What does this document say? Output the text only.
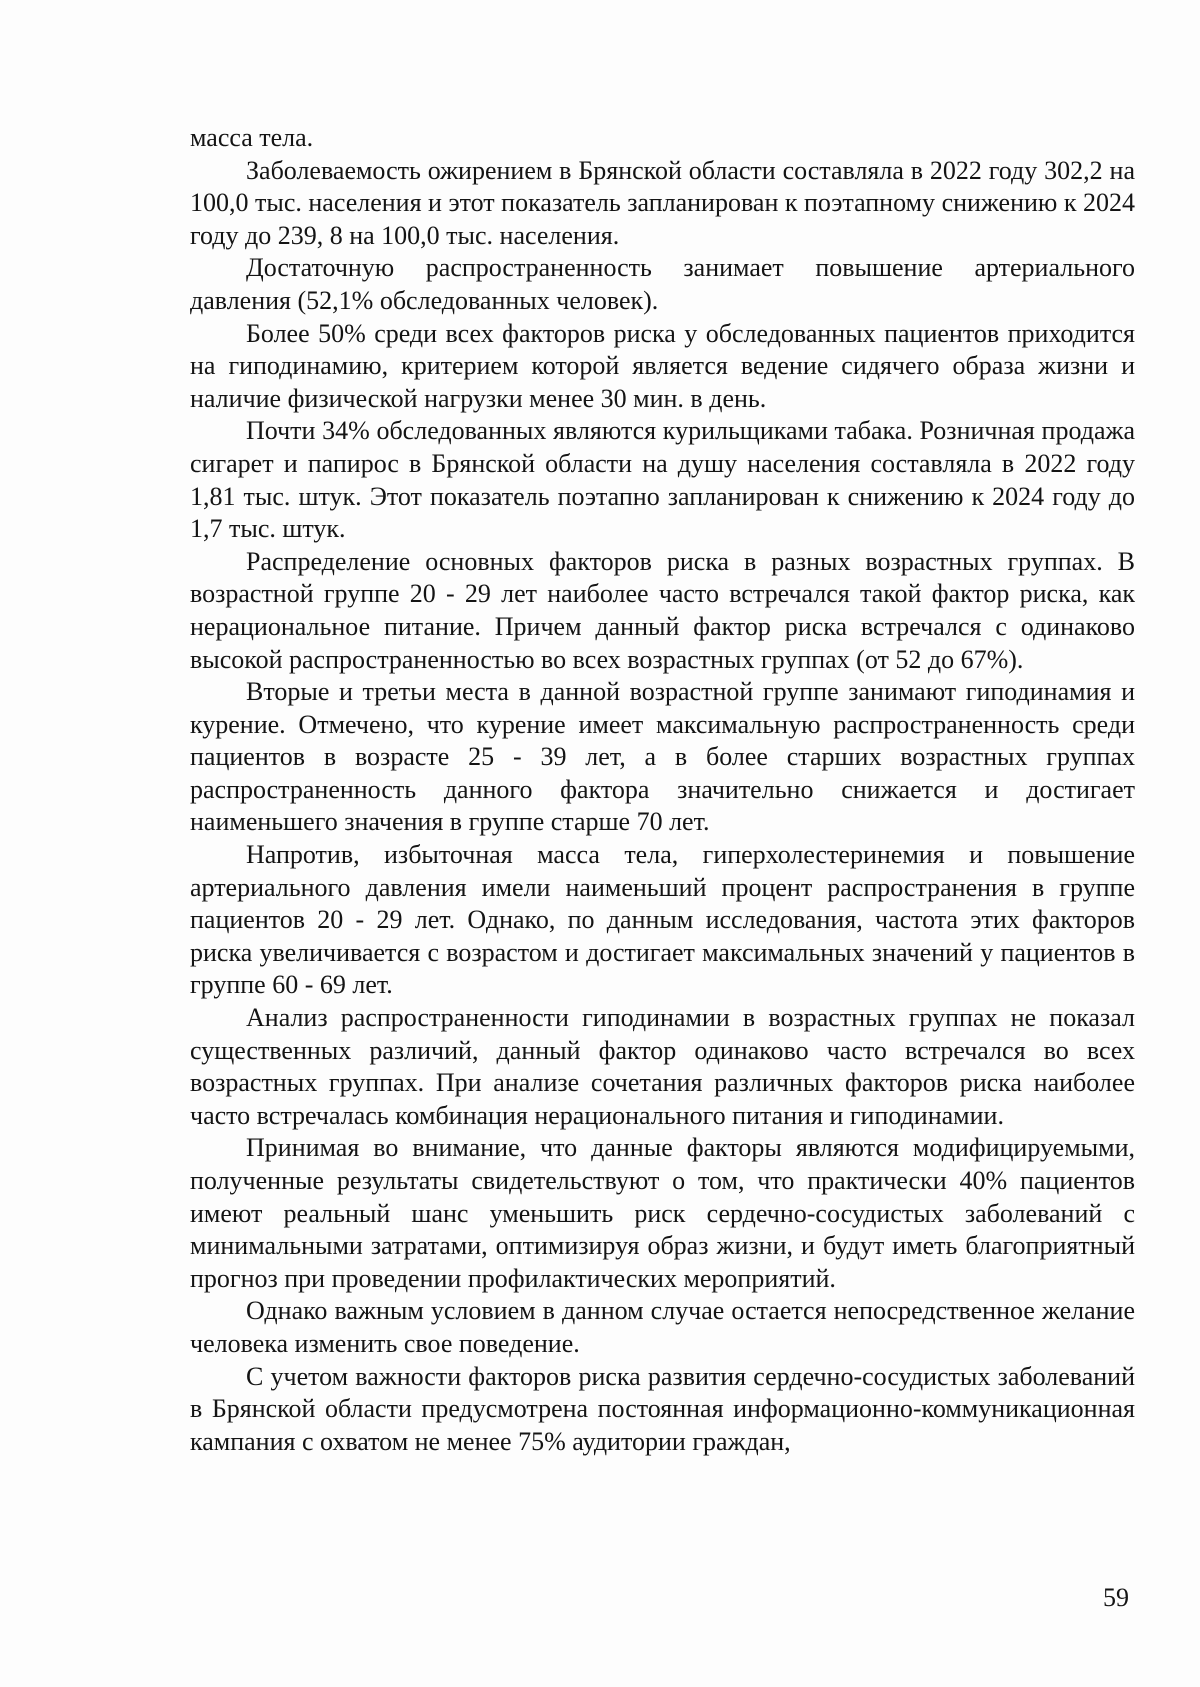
масса тела.

Заболеваемость ожирением в Брянской области составляла в 2022 году 302,2 на 100,0 тыс. населения и этот показатель запланирован к поэтапному снижению к 2024 году до 239, 8 на 100,0 тыс. населения.

Достаточную распространенность занимает повышение артериального давления (52,1% обследованных человек).

Более 50% среди всех факторов риска у обследованных пациентов приходится на гиподинамию, критерием которой является ведение сидячего образа жизни и наличие физической нагрузки менее 30 мин. в день.

Почти 34% обследованных являются курильщиками табака. Розничная продажа сигарет и папирос в Брянской области на душу населения составляла в 2022 году 1,81 тыс. штук. Этот показатель поэтапно запланирован к снижению к 2024 году до 1,7 тыс. штук.

Распределение основных факторов риска в разных возрастных группах. В возрастной группе 20 - 29 лет наиболее часто встречался такой фактор риска, как нерациональное питание. Причем данный фактор риска встречался с одинаково высокой распространенностью во всех возрастных группах (от 52 до 67%).

Вторые и третьи места в данной возрастной группе занимают гиподинамия и курение. Отмечено, что курение имеет максимальную распространенность среди пациентов в возрасте 25 - 39 лет, а в более старших возрастных группах распространенность данного фактора значительно снижается и достигает наименьшего значения в группе старше 70 лет.

Напротив, избыточная масса тела, гиперхолестеринемия и повышение артериального давления имели наименьший процент распространения в группе пациентов 20 - 29 лет. Однако, по данным исследования, частота этих факторов риска увеличивается с возрастом и достигает максимальных значений у пациентов в группе 60 - 69 лет.

Анализ распространенности гиподинамии в возрастных группах не показал существенных различий, данный фактор одинаково часто встречался во всех возрастных группах. При анализе сочетания различных факторов риска наиболее часто встречалась комбинация нерационального питания и гиподинамии.

Принимая во внимание, что данные факторы являются модифицируемыми, полученные результаты свидетельствуют о том, что практически 40% пациентов имеют реальный шанс уменьшить риск сердечно-сосудистых заболеваний с минимальными затратами, оптимизируя образ жизни, и будут иметь благоприятный прогноз при проведении профилактических мероприятий.

Однако важным условием в данном случае остается непосредственное желание человека изменить свое поведение.

С учетом важности факторов риска развития сердечно-сосудистых заболеваний в Брянской области предусмотрена постоянная информационно-коммуникационная кампания с охватом не менее 75% аудитории граждан,

59
